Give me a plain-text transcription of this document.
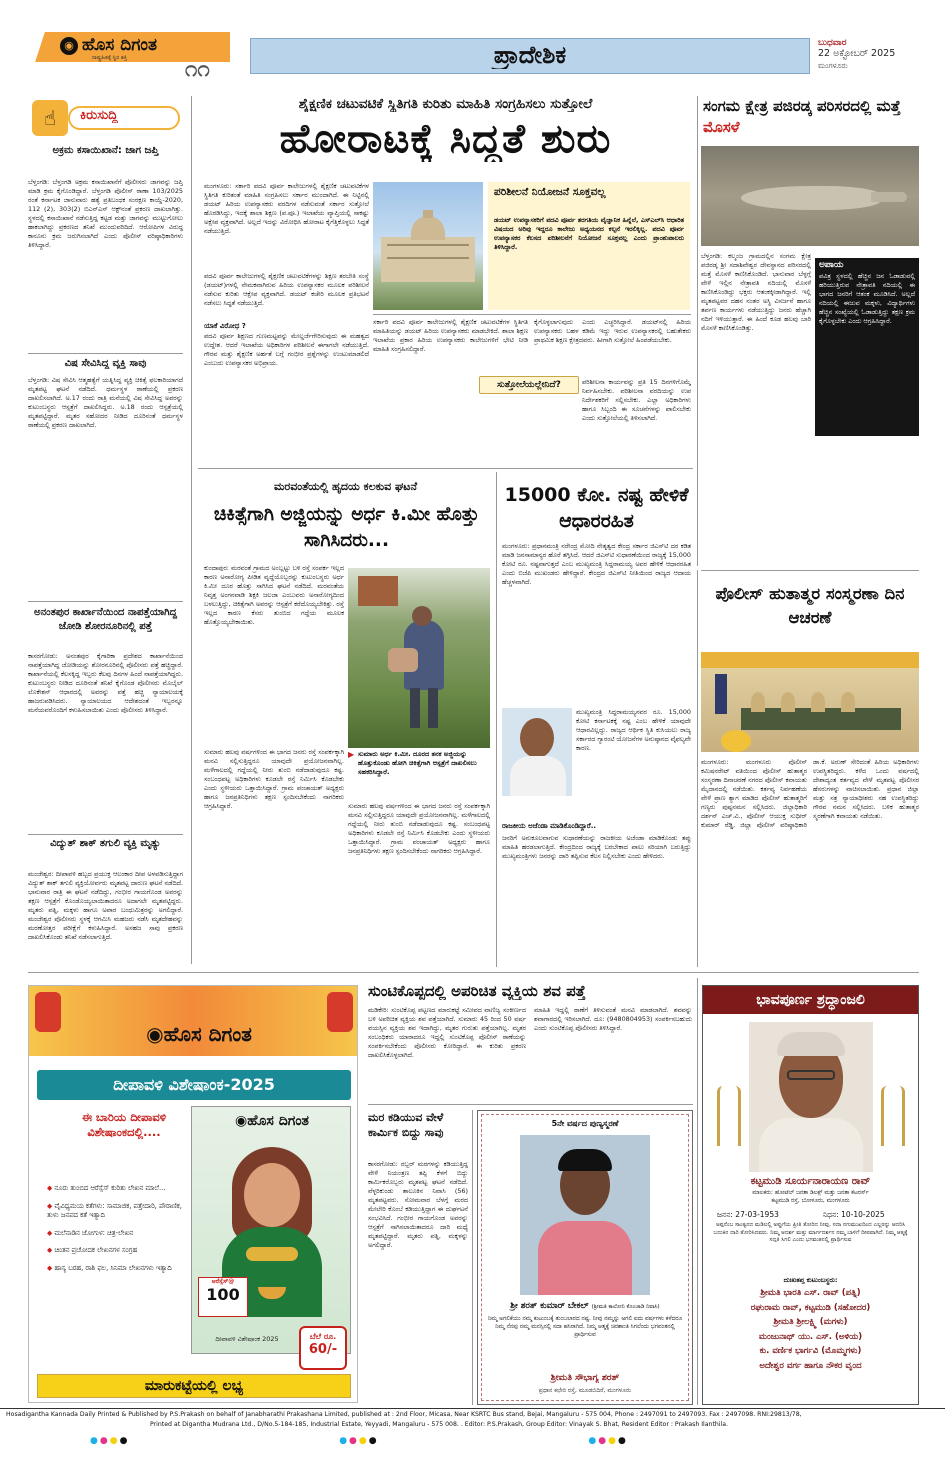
◉ ಹೊಸ ದಿಗಂತ
ರಾಷ್ಟ್ರಹಿತಕ್ಕೆ ಸ್ಥಿರ ಶಕ್ತಿ	೧೧
ಪ್ರಾದೇಶಿಕ	ಬುಧವಾರ
22 ಅಕ್ಟೋಬರ್ 2025
ಮಂಗಳೂರು
☝	ಕಿರುಸುದ್ದಿ
ಅಕ್ರಮ ಕಸಾಯಿಖಾನೆ: ಜಾಗ ಜಪ್ತಿ
ಬೆಳ್ತಂಗಡಿ: ಬೆಳ್ತಂಗಡಿ ಅಕ್ರಮ ಕಸಾಯಿಖಾನೆಗೆ ಪೊಲೀಸರು ಜಾಗವನ್ನು ಜಪ್ತಿ ಮಾಡಿ ಕ್ರಮ ಕೈಗೊಂಡಿದ್ದಾರೆ. ಬೆಳ್ತಂಗಡಿ ಪೊಲೀಸ್ ಠಾಣಾ 103/2025 ರಂತೆ ಕರ್ನಾಟಕ ಜಾನುವಾರು ಹತ್ಯೆ ಪ್ರತಿಬಂಧಕ ಸಂರಕ್ಷಣ ಕಾಯ್ದೆ-2020, 112 (2), 303(2) ಬಿಎನ್‌ಎಸ್ ಆಕ್ಟ್‌ನಂತೆ ಪ್ರಕರಣ ದಾಖಲಾಗಿತ್ತು. ಸ್ಥಳದಲ್ಲಿ ಕಸಾಯಿಖಾನೆ ನಡೆಸುತ್ತಿದ್ದ ಕಟ್ಟಡ ಮತ್ತು ಜಾಗವನ್ನು ಮುಟ್ಟುಗೋಲು ಹಾಕಲಾಗಿದ್ದು ಪ್ರಕರಣದ ತನಿಖೆ ಮುಂದುವರಿದಿದೆ. ಆರೋಪಿಗಳ ವಿರುದ್ಧ ಕಾನೂನು ಕ್ರಮ ಜರುಗಿಸಲಾಗಿದೆ ಎಂದು ಪೊಲೀಸ್ ವರಿಷ್ಠಾಧಿಕಾರಿಗಳು ತಿಳಿಸಿದ್ದಾರೆ.
ವಿಷ ಸೇವಿಸಿದ್ದ ವ್ಯಕ್ತಿ ಸಾವು
ಬೆಳ್ತಂಗಡಿ: ವಿಷ ಸೇವಿಸಿ ಆತ್ಮಹತ್ಯೆಗೆ ಯತ್ನಿಸಿದ್ದ ವ್ಯಕ್ತಿ ಚಿಕಿತ್ಸೆ ಫಲಕಾರಿಯಾಗದೆ ಮೃತಪಟ್ಟ ಘಟನೆ ನಡೆದಿದೆ. ಧರ್ಮಸ್ಥಳ ಠಾಣೆಯಲ್ಲಿ ಪ್ರಕರಣ ದಾಖಲಿಸಲಾಗಿದೆ. ಅ.17 ರಂದು ರಾತ್ರಿ ಮನೆಯಲ್ಲಿ ವಿಷ ಸೇವಿಸಿದ್ದ ಅವರನ್ನು ಕುಟುಂಬಸ್ಥರು ಆಸ್ಪತ್ರೆಗೆ ದಾಖಲಿಸಿದ್ದರು. ಅ.18 ರಂದು ಆಸ್ಪತ್ರೆಯಲ್ಲಿ ಮೃತಪಟ್ಟಿದ್ದಾರೆ. ಮೃತರ ಸಹೋದರ ನೀಡಿದ ದೂರಿನಂತೆ ಧರ್ಮಸ್ಥಳ ಠಾಣೆಯಲ್ಲಿ ಪ್ರಕರಣ ದಾಖಲಾಗಿದೆ.
ಅನಂತಪುರ ಕಾರ್ಖಾನೆಯಿಂದ ನಾಪತ್ತೆಯಾಗಿದ್ದ ಜೋಡಿ ಶೋರನೂರಿನಲ್ಲಿ ಪತ್ತೆ
ಕಾಸರಗೋಡು: ಅನಂತಪುರ ಕೈಗಾರಿಕಾ ಪ್ರದೇಶದ ಕಾರ್ಖಾನೆಯಿಂದ ನಾಪತ್ತೆಯಾಗಿದ್ದ ಜೋಡಿಯನ್ನು ಶೋರನೂರಿನಲ್ಲಿ ಪೊಲೀಸರು ಪತ್ತೆ ಹಚ್ಚಿದ್ದಾರೆ. ಕಾರ್ಖಾನೆಯಲ್ಲಿ ಕೆಲಸಕ್ಕಿದ್ದ ಇಬ್ಬರು ಕೆಲವು ದಿನಗಳ ಹಿಂದೆ ನಾಪತ್ತೆಯಾಗಿದ್ದರು. ಕುಟುಂಬಸ್ಥರು ನೀಡಿದ ದೂರಿನಂತೆ ತನಿಖೆ ಕೈಗೊಂಡ ಪೊಲೀಸರು ಮೊಬೈಲ್ ಲೊಕೇಶನ್ ಆಧಾರದಲ್ಲಿ ಅವರನ್ನು ಪತ್ತೆ ಹಚ್ಚಿ ನ್ಯಾಯಾಲಯಕ್ಕೆ ಹಾಜರುಪಡಿಸಿದರು. ನ್ಯಾಯಾಲಯದ ಆದೇಶದಂತೆ ಇಬ್ಬರನ್ನೂ ಮನೆಯವರೊಂದಿಗೆ ಕಳುಹಿಸಲಾಯಿತು ಎಂದು ಪೊಲೀಸರು ತಿಳಿಸಿದ್ದಾರೆ.
ವಿದ್ಯುತ್ ಶಾಕ್ ತಗುಲಿ ವ್ಯಕ್ತಿ ಮೃತ್ಯು
ಮಂಜೇಶ್ವರ: ದೀಪಾವಳಿ ಹಬ್ಬದ ಪ್ರಯುಕ್ತ ಆಲಂಕಾರ ದೀಪ ಅಳವಡಿಸುತ್ತಿದ್ದಾಗ ವಿದ್ಯುತ್ ಶಾಕ್ ತಗುಲಿ ವ್ಯಕ್ತಿಯೋರ್ವರು ಮೃತಪಟ್ಟ ದಾರುಣ ಘಟನೆ ನಡೆದಿದೆ. ಭಾನುವಾರ ರಾತ್ರಿ ಈ ಘಟನೆ ನಡೆದಿದ್ದು, ಗಂಭೀರ ಗಾಯಗೊಂಡ ಅವರನ್ನು ತಕ್ಷಣ ಆಸ್ಪತ್ರೆಗೆ ಕೊಂಡೊಯ್ಯಲಾಯಿತಾದರೂ ಅದಾಗಲೇ ಮೃತಪಟ್ಟಿದ್ದರು. ಮೃತರು ಪತ್ನಿ, ಮಕ್ಕಳು ಹಾಗೂ ಅಪಾರ ಬಂಧುಮಿತ್ರರನ್ನು ಅಗಲಿದ್ದಾರೆ. ಮಂಜೇಶ್ವರ ಪೊಲೀಸರು ಸ್ಥಳಕ್ಕೆ ಆಗಮಿಸಿ ಮಹಜರು ನಡೆಸಿ ಮೃತದೇಹವನ್ನು ಮರಣೋತ್ತರ ಪರೀಕ್ಷೆಗೆ ಕಳುಹಿಸಿದ್ದಾರೆ. ಅಸಹಜ ಸಾವು ಪ್ರಕರಣ ದಾಖಲಿಸಿಕೊಂಡು ತನಿಖೆ ನಡೆಸಲಾಗುತ್ತಿದೆ.
ಶೈಕ್ಷಣಿಕ ಚಟುವಟಿಕೆ ಸ್ಥಿತಿಗತಿ ಕುರಿತು ಮಾಹಿತಿ ಸಂಗ್ರಹಿಸಲು ಸುತ್ತೋಲೆ
ಹೋರಾಟಕ್ಕೆ ಸಿದ್ಧತೆ ಶುರು
ಮಂಗಳೂರು: ಸರ್ಕಾರಿ ಪದವಿ ಪೂರ್ವ ಕಾಲೇಜುಗಳಲ್ಲಿ ಶೈಕ್ಷಣಿಕ ಚಟುವಟಿಕೆಗಳ ಸ್ಥಿತಿಗತಿ ಕುರಿತಂತೆ ಮಾಹಿತಿ ಸಂಗ್ರಹಿಸಲು ಸರ್ಕಾರ ಮುಂದಾಗಿದೆ. ಈ ನಿಟ್ಟಿನಲ್ಲಿ ಡಯಟ್ ಹಿರಿಯ ಉಪನ್ಯಾಸಕರು ವರದಿಗಳ ನಡೆಸುವಂತೆ ಸರ್ಕಾರ ಸುತ್ತೋಲೆ ಹೊರಡಿಸಿದ್ದು, ಇದಕ್ಕೆ ಶಾಲಾ ಶಿಕ್ಷಣ (ಪ.ಪೂ.) ಇಲಾಖೆಯ ವ್ಯಾಪ್ತಿಯಲ್ಲಿ ಸಾಕಷ್ಟು ಅಕ್ಷೇಪ ವ್ಯಕ್ತವಾಗಿದೆ. ಅಲ್ಲದೆ ಇದನ್ನು ವಿರೋಧಿಸಿ ಹೋರಾಟ ಕೈಗೆತ್ತಿಕೊಳ್ಳಲು ಸಿದ್ಧತೆ ನಡೆಯುತ್ತಿದೆ.
ಪದವಿ ಪೂರ್ವ ಕಾಲೇಜುಗಳಲ್ಲಿ ಶೈಕ್ಷಣಿಕ ಚಟುವಟಿಕೆಗಳನ್ನು ಶಿಕ್ಷಣ ತರಬೇತಿ ಸಂಸ್ಥೆ (ಡಯಟ್)ಗಳಲ್ಲಿ ನೇಮಕವಾಗಿರುವ ಹಿರಿಯ ಉಪನ್ಯಾಸಕರ ಮೂಲಕ ಪರಿಶೀಲನೆ ನಡೆಸುವ ಕುರಿತು ಆಕ್ಷೇಪ ವ್ಯಕ್ತವಾಗಿದೆ. ಡಯಟ್ ಕಚೇರಿ ಮೂಲಕ ಪ್ರತಿಭಟನೆ ನಡೆಸಲು ಸಿದ್ಧತೆ ನಡೆಯುತ್ತಿದೆ.
ಯಾಕೆ ವಿರೋಧ ?
ಪದವಿ ಪೂರ್ವ ಶಿಕ್ಷಣದ ಗುಣಮಟ್ಟವನ್ನು ಮೇಲ್ದರ್ಜೆಗೇರಿಸುವುದು ಈ ಮಹತ್ವದ ಉದ್ದೇಶ. ಆದರೆ ಇಲಾಖೆಯ ಅಧಿಕಾರಿಗಳ ಪರಿಶೀಲನೆ ಈಗಾಗಲೇ ನಡೆಯುತ್ತಿದೆ. ಗೌರವ ಮತ್ತು ಶೈಕ್ಷಣಿಕ ಅರ್ಹತೆ ಬಗ್ಗೆ ಗಂಭೀರ ಪ್ರಶ್ನೆಗಳನ್ನು ಉಂಟುಮಾಡಲಿದೆ ಎಂಬುದು ಉಪನ್ಯಾಸಕರ ಅಭಿಪ್ರಾಯ.
ಪರಿಶೀಲನೆ ನಿಯೋಜನೆ ಸೂಕ್ತವಲ್ಲ
ಡಯಟ್ ಉಪನ್ಯಾಸಕರಿಗೆ ಪದವಿ ಪೂರ್ವ ತರಗತಿಯ ವೈಜ್ಞಾನಿಕ ಹಿನ್ನೆಲೆ, ಎಸ್‌ಎಲ್‌ಸಿ ಆಧಾರಿತ ವಿಷಯದ ಅರಿವು ಇದ್ದರೂ ಕಾಲೇಜು ಅಧ್ಯಯನದ ಕಲ್ಪನೆ ಇರಲಿಕ್ಕಿಲ್ಲ. ಪದವಿ ಪೂರ್ವ ಉಪನ್ಯಾಸಕರ ಕೆಲಸದ ಪರಿಶೀಲನೆಗೆ ನಿಯೋಜನೆ ಸೂಕ್ತವಲ್ಲ ಎಂದು ಪ್ರಾಂಶುಪಾಲರು ತಿಳಿಸಿದ್ದಾರೆ.
ಸರ್ಕಾರಿ ಪದವಿ ಪೂರ್ವ ಕಾಲೇಜುಗಳಲ್ಲಿ ಶೈಕ್ಷಣಿಕ ಚಟುವಟಿಕೆಗಳ ಸ್ಥಿತಿಗತಿ ಮಾಹಿತಿಯನ್ನು ಡಯಟ್ ಹಿರಿಯ ಉಪನ್ಯಾಸಕರು ಮಾಡಬೇಕಿದೆ. ಶಾಲಾ ಶಿಕ್ಷಣ ಇಲಾಖೆಯ ಪ್ರಕಾರ ಹಿರಿಯ ಉಪನ್ಯಾಸಕರು ಕಾಲೇಜುಗಳಿಗೆ ಭೇಟಿ ನೀಡಿ ಮಾಹಿತಿ ಸಂಗ್ರಹಿಸಲಿದ್ದಾರೆ.
ಕೈಗೊಳ್ಳಲಾಗುವುದು ಎಂದು ಎಚ್ಚರಿಸಿದ್ದಾರೆ. ಡಯಟ್‌ನಲ್ಲಿ ಹಿರಿಯ ಉಪನ್ಯಾಸಕರು ಬಹಳ ಕಡಿಮೆ ಇದ್ದು ಇರುವ ಉಪನ್ಯಾಸಕರಲ್ಲಿ ಬಹುತೇಕರು ಪ್ರಾಥಮಿಕ ಶಿಕ್ಷಣ ಕ್ಷೇತ್ರದವರು. ಹೀಗಾಗಿ ಸುತ್ತೋಲೆ ಹಿಂಪಡೆಯಬೇಕು.
ಸುತ್ತೋಲೆಯಲ್ಲೇನಿದೆ?	ಪರಿಶೀಲನಾ ಕಾರ್ಯವನ್ನು ಪ್ರತಿ 15 ದಿನಗಳಿಗೊಮ್ಮೆ ನಿರ್ವಹಿಸಬೇಕು. ಪರಿಶೀಲನಾ ವರದಿಯನ್ನು ಉಪ ನಿರ್ದೇಶಕರಿಗೆ ಸಲ್ಲಿಸಬೇಕು. ಎಲ್ಲಾ ಅಧಿಕಾರಿಗಳು ಹಾಗೂ ಸಿಬ್ಬಂದಿ ಈ ಸೂಚನೆಗಳನ್ನು ಪಾಲಿಸಬೇಕು ಎಂದು ಸುತ್ತೋಲೆಯಲ್ಲಿ ತಿಳಿಸಲಾಗಿದೆ.
ಸಂಗಮ ಕ್ಷೇತ್ರ ಪಜಿರಡ್ಕ ಪರಿಸರದಲ್ಲಿ ಮತ್ತೆ ಮೊಸಳೆ
ಬೆಳ್ತಂಗಡಿ: ಕಲ್ಮಂಜ ಗ್ರಾಮದಲ್ಲಿನ ಸಂಗಮ ಕ್ಷೇತ್ರ ಪಜಿರಡ್ಕ ಶ್ರೀ ಸದಾಶಿವೇಶ್ವರ ದೇವಸ್ಥಾನದ ಪರಿಸರದಲ್ಲಿ ಮತ್ತೆ ಮೊಸಳೆ ಕಾಣಿಸಿಕೊಂಡಿದೆ. ಭಾನುವಾರ ಬೆಳ್ಳಗ್ಗೆ ವೇಳೆ ಇಲ್ಲಿನ ನೇತ್ರಾವತಿ ನದಿಯಲ್ಲಿ ಮೊಸಳೆ ಕಾಣಿಸಿಕೊಂಡಿದ್ದು ಭಕ್ತರು ಆತಂಕಕ್ಕೀಡಾಗಿದ್ದಾರೆ. ಇಲ್ಲಿ ಮೃತಪಟ್ಟವರ ದಹನ ನಂತರ ಅಸ್ಥಿ ವಿಸರ್ಜನೆ ಹಾಗೂ ತರ್ಪಣ ಕಾರ್ಯಗಳು ನಡೆಯುತ್ತಿದ್ದು ಜನರು ಹೆಚ್ಚಾಗಿ ನದಿಗೆ ಇಳಿಯುತ್ತಾರೆ. ಈ ಹಿಂದೆ ಕೂಡ ಹಲವು ಬಾರಿ ಮೊಸಳೆ ಕಾಣಿಸಿಕೊಂಡಿತ್ತು.
ಅಪಾಯ
ಪವಿತ್ರ ಸ್ಥಳದಲ್ಲಿ ಹೆಚ್ಚಿನ ಜನ ಓಡಾಡುವಲ್ಲಿ ಹರಿಯುತ್ತಿರುವ ನೇತ್ರಾವತಿ ನದಿಯಲ್ಲಿ ಈ ಭಾಗದ ಜನರಿಗೆ ಆತಂಕ ಮೂಡಿಸಿದೆ. ಅಲ್ಲದೆ ನದಿಯಲ್ಲಿ ಈಜುವ ಮಕ್ಕಳು, ವಿದ್ಯಾರ್ಥಿಗಳು ಹೆಚ್ಚಿನ ಸಂಖ್ಯೆಯಲ್ಲಿ ಓಡಾಡುತ್ತಿದ್ದು ತಕ್ಷಣ ಕ್ರಮ ಕೈಗೊಳ್ಳಬೇಕು ಎಂದು ಆಗ್ರಹಿಸಿದ್ದಾರೆ.
ಮರವಂತೆಯಲ್ಲಿ ಹೃದಯ ಕಲಕುವ ಘಟನೆ
ಚಿಕಿತ್ಸೆಗಾಗಿ ಅಜ್ಜಿಯನ್ನು ಅರ್ಧ ಕಿ.ಮೀ ಹೊತ್ತು ಸಾಗಿಸಿದರು...
ಕುಂದಾಪುರ: ಮರವಂತೆ ಗ್ರಾಮದ ಅಂಬ್ಲಟ್ಟು ಬಳಿ ರಸ್ತೆ ಸಂಪರ್ಕ ಇಲ್ಲದ ಕಾರಣ ಅನಾರೋಗ್ಯ ಪೀಡಿತ ವೃದ್ಧೆಯೊಬ್ಬರನ್ನು ಕುಟುಂಬಸ್ಥರು ಅರ್ಧ ಕಿ.ಮೀ ದೂರ ಹೊತ್ತು ಸಾಗಿಸಿದ ಘಟನೆ ನಡೆದಿದೆ. ಮರವಂತೆಯ ನಿವೃತ್ತ ಅಂಗನವಾಡಿ ಶಿಕ್ಷಕಿ ಜಲಜಾ ಎಂಬುವರು ಅನಾರೋಗ್ಯದಿಂದ ಬಳಲುತ್ತಿದ್ದು, ಚಿಕಿತ್ಸೆಗಾಗಿ ಅವರನ್ನು ಆಸ್ಪತ್ರೆಗೆ ಕರೆದೊಯ್ಯಬೇಕಿತ್ತು. ರಸ್ತೆ ಇಲ್ಲದ ಕಾರಣ ಕೆಸರು ತುಂಬಿದ ಗದ್ದೆಯ ಮೂಲಕ ಹೊತ್ತೊಯ್ಯಬೇಕಾಯಿತು.
▶ ಸುಮಾರು ಅರ್ಧ ಕಿ.ಮೀ. ದೂರದ ತನಕ ಅಜ್ಜಿಯನ್ನು ಹೊತ್ತುಕೊಂಡು ಹೋಗಿ ಚಿಕಿತ್ಸೆಗಾಗಿ ಆಸ್ಪತ್ರೆಗೆ ದಾಖಲಿಸಲು ಸಹಕರಿಸಿದ್ದಾರೆ.
ಸುಮಾರು ಹಲವು ವರ್ಷಗಳಿಂದ ಈ ಭಾಗದ ಜನರು ರಸ್ತೆ ಸಂಪರ್ಕಕ್ಕಾಗಿ ಮನವಿ ಸಲ್ಲಿಸುತ್ತಿದ್ದರೂ ಯಾವುದೇ ಪ್ರಯೋಜನವಾಗಿಲ್ಲ. ಮಳೆಗಾಲದಲ್ಲಿ ಗದ್ದೆಯಲ್ಲಿ ನೀರು ತುಂಬಿ ನಡೆದಾಡುವುದೂ ಕಷ್ಟ. ಸಂಬಂಧಪಟ್ಟ ಅಧಿಕಾರಿಗಳು ಕೂಡಲೇ ರಸ್ತೆ ನಿರ್ಮಿಸಿ ಕೊಡಬೇಕು ಎಂದು ಸ್ಥಳೀಯರು ಒತ್ತಾಯಿಸಿದ್ದಾರೆ. ಗ್ರಾಮ ಪಂಚಾಯತ್ ಅಧ್ಯಕ್ಷರು ಹಾಗೂ ಜನಪ್ರತಿನಿಧಿಗಳು ತಕ್ಷಣ ಸ್ಪಂದಿಸಬೇಕೆಂದು ನಾಗರಿಕರು ಆಗ್ರಹಿಸಿದ್ದಾರೆ.	ಸುಮಾರು ಹಲವು ವರ್ಷಗಳಿಂದ ಈ ಭಾಗದ ಜನರು ರಸ್ತೆ ಸಂಪರ್ಕಕ್ಕಾಗಿ ಮನವಿ ಸಲ್ಲಿಸುತ್ತಿದ್ದರೂ ಯಾವುದೇ ಪ್ರಯೋಜನವಾಗಿಲ್ಲ. ಮಳೆಗಾಲದಲ್ಲಿ ಗದ್ದೆಯಲ್ಲಿ ನೀರು ತುಂಬಿ ನಡೆದಾಡುವುದೂ ಕಷ್ಟ. ಸಂಬಂಧಪಟ್ಟ ಅಧಿಕಾರಿಗಳು ಕೂಡಲೇ ರಸ್ತೆ ನಿರ್ಮಿಸಿ ಕೊಡಬೇಕು ಎಂದು ಸ್ಥಳೀಯರು ಒತ್ತಾಯಿಸಿದ್ದಾರೆ. ಗ್ರಾಮ ಪಂಚಾಯತ್ ಅಧ್ಯಕ್ಷರು ಹಾಗೂ ಜನಪ್ರತಿನಿಧಿಗಳು ತಕ್ಷಣ ಸ್ಪಂದಿಸಬೇಕೆಂದು ನಾಗರಿಕರು ಆಗ್ರಹಿಸಿದ್ದಾರೆ.
15000 ಕೋ. ನಷ್ಟ ಹೇಳಿಕೆ ಆಧಾರರಹಿತ
ಮಂಗಳೂರು: ಪ್ರಧಾನಮಂತ್ರಿ ನರೇಂದ್ರ ಮೋದಿ ನೇತೃತ್ವದ ಕೇಂದ್ರ ಸರ್ಕಾರ ಜಿಎಸ್‌ಟಿ ದರ ಕಡಿತ ಮಾಡಿ ಜನಸಾಮಾನ್ಯರ ಹೊರೆ ತಗ್ಗಿಸಿದೆ. ಆದರೆ ಜಿಎಸ್‌ಟಿ ಸುಧಾರಣೆಯಿಂದ ರಾಜ್ಯಕ್ಕೆ 15,000 ಕೋಟಿ ರೂ. ನಷ್ಟವಾಗುತ್ತದೆ ಎಂಬ ಮುಖ್ಯಮಂತ್ರಿ ಸಿದ್ದರಾಮಯ್ಯ ಅವರ ಹೇಳಿಕೆ ಆಧಾರರಹಿತ ಎಂದು ಬಿಜೆಪಿ ಮುಖಂಡರು ಹೇಳಿದ್ದಾರೆ. ಕೇಂದ್ರದ ಜಿಎಸ್‌ಟಿ ನೀತಿಯಿಂದ ರಾಜ್ಯದ ಆದಾಯ ಹೆಚ್ಚಳವಾಗಿದೆ.
ಮುಖ್ಯಮಂತ್ರಿ ಸಿದ್ದರಾಮಯ್ಯನವರ ರೂ. 15,000 ಕೋಟಿ ಕರ್ನಾಟಕಕ್ಕೆ ನಷ್ಟ ಎಂಬ ಹೇಳಿಕೆ ಯಾವುದೇ ಆಧಾರವಿಲ್ಲದ್ದು. ರಾಜ್ಯದ ಆರ್ಥಿಕ ಸ್ಥಿತಿ ಕುಸಿಯಲು ರಾಜ್ಯ ಸರ್ಕಾರದ ಗ್ಯಾರಂಟಿ ಯೋಜನೆಗಳ ಅನುಷ್ಠಾನದ ವೈಫಲ್ಯವೇ ಕಾರಣ.
ರಾಜಕೀಯ ಅಜೆಂಡಾ ಮಾಡಿಕೊಂಡಿದ್ದಾರೆ..
ಜನರಿಗೆ ಅನುಕೂಲವಾಗುವ ಸುಧಾರಣೆಯನ್ನು ರಾಜಕೀಯ ಅಜೆಂಡಾ ಮಾಡಿಕೊಂಡು ತಪ್ಪು ಮಾಹಿತಿ ಹರಡಲಾಗುತ್ತಿದೆ. ಕೇಂದ್ರದಿಂದ ರಾಜ್ಯಕ್ಕೆ ಬರಬೇಕಾದ ಪಾಲು ಸರಿಯಾಗಿ ಬರುತ್ತಿದ್ದು ಮುಖ್ಯಮಂತ್ರಿಗಳು ಜನರನ್ನು ದಾರಿ ತಪ್ಪಿಸುವ ಕೆಲಸ ನಿಲ್ಲಿಸಬೇಕು ಎಂದು ಹೇಳಿದರು.
ಪೊಲೀಸ್ ಹುತಾತ್ಮರ ಸಂಸ್ಮರಣಾ ದಿನ ಆಚರಣೆ
ಮಂಗಳೂರು: ಮಂಗಳೂರು ಪೊಲೀಸ್ ಕಮಿಷನರೇಟ್ ವತಿಯಿಂದ ಪೊಲೀಸ್ ಹುತಾತ್ಮರ ಸಂಸ್ಮರಣಾ ದಿನಾಚರಣೆ ನಗರದ ಪೊಲೀಸ್ ಕವಾಯತು ಮೈದಾನದಲ್ಲಿ ನಡೆಯಿತು. ಕರ್ತವ್ಯ ನಿರ್ವಹಣೆಯ ವೇಳೆ ಪ್ರಾಣ ತ್ಯಾಗ ಮಾಡಿದ ಪೊಲೀಸ್ ಹುತಾತ್ಮರಿಗೆ ಗಣ್ಯರು ಪುಷ್ಪನಮನ ಸಲ್ಲಿಸಿದರು. ಜಿಲ್ಲಾಧಿಕಾರಿ ದರ್ಶನ್ ಎಚ್.ವಿ., ಪೊಲೀಸ್ ಆಯುಕ್ತ ಸುಧೀರ್ ಕುಮಾರ್ ರೆಡ್ಡಿ, ಜಿಲ್ಲಾ ಪೊಲೀಸ್ ವರಿಷ್ಠಾಧಿಕಾರಿ ಡಾ.ಕೆ. ಅರುಣ್ ಸೇರಿದಂತೆ ಹಿರಿಯ ಅಧಿಕಾರಿಗಳು ಉಪಸ್ಥಿತರಿದ್ದರು. ಕಳೆದ ಒಂದು ವರ್ಷದಲ್ಲಿ ದೇಶಾದ್ಯಂತ ಕರ್ತವ್ಯದ ವೇಳೆ ಮೃತಪಟ್ಟ ಪೊಲೀಸರ ಹೆಸರುಗಳನ್ನು ವಾಚಿಸಲಾಯಿತು. ಪ್ರಧಾನ ಜಿಲ್ಲಾ ಮತ್ತು ಸತ್ರ ನ್ಯಾಯಾಧೀಶರು ಸಹ ಉಪಸ್ಥಿತರಿದ್ದು ಗೌರವ ನಮನ ಸಲ್ಲಿಸಿದರು. ಬಳಿಕ ಹುತಾತ್ಮರ ಸ್ಮರಣೆಗಾಗಿ ಕವಾಯತು ನಡೆಯಿತು.
◉ಹೊಸ ದಿಗಂತ
ದೀಪಾವಳಿ ವಿಶೇಷಾಂಕ-2025
ಈ ಬಾರಿಯ ದೀಪಾವಳಿ ವಿಶೇಷಾಂಕದಲ್ಲಿ....
◆ ನೂರು ತುಂಬಿದ ಆರೆಸ್ಸೆಸ್ ಕುರಿತು ಲೇಖನ ಮಾಲೆ...
◆ ವೈವಿಧ್ಯಮಯ ಕತೆಗಳು: ಸಾಮಾಜಿಕ, ಪತ್ತೇದಾರಿ, ಪೌರಾಣಿಕ, ತುಳು ಜನಪದ ಕತೆ ಇತ್ಯಾದಿ
◆ ಮಲೆನಾಡಿನ ಜೋಗುಳ: ಚಿತ್ರ-ಲೇಖನ
◆ ಚಿಂತನ ಪ್ರಚೋದಕ ಲೇಖನಗಳ ಸಂಗ್ರಹ
◆ ಹಾಸ್ಯ ಬರಹ, ರಾಶಿ ಫಲ, ಸಿನಿಮಾ ಲೇಖನಗಳು ಇತ್ಯಾದಿ
◉ಹೊಸ ದಿಗಂತ
ಆರೆಸ್ಸೆಸ್@
100
ದೀಪಾವಳಿ ವಿಶೇಷಾಂಕ 2025	ಬೆಲೆ ರೂ.
60/-
ಮಾರುಕಟ್ಟೆಯಲ್ಲಿ ಲಭ್ಯ
ಸುಂಟಿಕೊಪ್ಪದಲ್ಲಿ ಅಪರಿಚಿತ ವ್ಯಕ್ತಿಯ ಶವ ಪತ್ತೆ
ಮಡಿಕೇರಿ: ಸುಂಟಿಕೊಪ್ಪ ಪಟ್ಟಣದ ಮಾರುಕಟ್ಟೆ ಸಮೀಪದ ವಾಣಿಜ್ಯ ಸಂಕೀರ್ಣದ ಬಳಿ ಅಪರಿಚಿತ ವ್ಯಕ್ತಿಯ ಶವ ಪತ್ತೆಯಾಗಿದೆ. ಸುಮಾರು 45 ರಿಂದ 50 ವರ್ಷ ವಯಸ್ಸಿನ ವ್ಯಕ್ತಿಯ ಶವ ಇದಾಗಿದ್ದು, ಮೃತರ ಗುರುತು ಪತ್ತೆಯಾಗಿಲ್ಲ. ಮೃತರ ಸಂಬಂಧಿಕರು ಯಾರಾದರೂ ಇದ್ದಲ್ಲಿ ಸುಂಟಿಕೊಪ್ಪ ಪೊಲೀಸ್ ಠಾಣೆಯನ್ನು ಸಂಪರ್ಕಿಸಬೇಕೆಂದು ಪೊಲೀಸರು ಕೋರಿದ್ದಾರೆ. ಈ ಕುರಿತು ಪ್ರಕರಣ ದಾಖಲಿಸಿಕೊಳ್ಳಲಾಗಿದೆ.
ಮಾಹಿತಿ ಇದ್ದಲ್ಲಿ ಠಾಣೆಗೆ ತಿಳಿಸುವಂತೆ ಮನವಿ ಮಾಡಲಾಗಿದೆ. ಶವವನ್ನು ಶವಾಗಾರದಲ್ಲಿ ಇರಿಸಲಾಗಿದೆ. ದೂ: (9480804953) ಸಂಪರ್ಕಿಸಬಹುದು ಎಂದು ಸುಂಟಿಕೊಪ್ಪ ಪೊಲೀಸರು ತಿಳಿಸಿದ್ದಾರೆ.
ಮರ ಕಡಿಯುವ ವೇಳೆ ಕಾರ್ಮಿಕ ಬಿದ್ದು ಸಾವು
ಕಾಸರಗೋಡು: ರಬ್ಬರ್ ಮರಗಳನ್ನು ಕಡಿಯುತ್ತಿದ್ದ ವೇಳೆ ನಿಯಂತ್ರಣ ತಪ್ಪಿ ಕೆಳಗೆ ಬಿದ್ದು ಕಾರ್ಮಿಕರೊಬ್ಬರು ಮೃತಪಟ್ಟ ಘಟನೆ ನಡೆದಿದೆ. ವೆಳ್ಳರಿಕುಂಡು ತಾಲೂಕಿನ ನಿವಾಸಿ (56) ಮೃತಪಟ್ಟವರು. ಸೋಮವಾರ ಬೆಳಗ್ಗೆ ಮರದ ಮೇಲೇರಿ ಕೊಂಬೆ ಕಡಿಯುತ್ತಿದ್ದಾಗ ಈ ದುರ್ಘಟನೆ ಸಂಭವಿಸಿದೆ. ಗಂಭೀರ ಗಾಯಗೊಂಡ ಅವರನ್ನು ಆಸ್ಪತ್ರೆಗೆ ಸಾಗಿಸಲಾಯಿತಾದರೂ ದಾರಿ ಮಧ್ಯೆ ಮೃತಪಟ್ಟಿದ್ದಾರೆ. ಮೃತರು ಪತ್ನಿ, ಮಕ್ಕಳನ್ನು ಅಗಲಿದ್ದಾರೆ.
5ನೇ ವರ್ಷದ ಪುಣ್ಯಸ್ಮರಣೆ
ಶ್ರೀ ಶರತ್ ಕುಮಾರ್ ಬೇಕಲ್ (ಶ್ರೀಮತಿ ಕಾಲೋನಿ ಕೊಂಚಾಡಿ ನಿವಾಸಿ)
ನಿಮ್ಮ ಅಗಲಿಕೆಯು ನಮ್ಮ ಕುಟುಂಬಕ್ಕೆ ತುಂಬಲಾರದ ನಷ್ಟ. ನೀವು ನಮ್ಮನ್ನು ಅಗಲಿ ಐದು ವರ್ಷಗಳು ಕಳೆದರೂ ನಿಮ್ಮ ನೆನಪು ನಮ್ಮ ಮನಸ್ಸಿನಲ್ಲಿ ಸದಾ ಹಸಿರಾಗಿದೆ. ನಿಮ್ಮ ಆತ್ಮಕ್ಕೆ ಚಿರಶಾಂತಿ ಸಿಗಲೆಂದು ಭಗವಂತನಲ್ಲಿ ಪ್ರಾರ್ಥಿಸುವ
ಶ್ರೀಮತಿ ಸೌಭಾಗ್ಯ ಶರತ್
ಪ್ರಧಾನ ಕಛೇರಿ ರಸ್ತೆ, ಮೂಡಬಿದಿರೆ, ಮಂಗಳೂರು
ಭಾವಪೂರ್ಣ ಶ್ರದ್ಧಾಂಜಲಿ
ಕಟ್ಟಮುಡಿ ಸೂರ್ಯನಾರಾಯಣ ರಾವ್
ಮಾಲಕರು: ಹೋಟೆಲ್ ಜನತಾ ಡಿಲಕ್ಸ್ ಮತ್ತು ಜನತಾ ಕೆಟರರ್ಸ್
ಕಟ್ಟಮುಡಿ ರಸ್ತೆ, ಬೋಳೂರು, ಮಂಗಳೂರು
ಜನನ: 27-03-1953	ನಿಧನ: 10-10-2025
ಅಪ್ಪನೆಂಬ ಸಾಂತ್ವನದ ಮಡಿಲಲ್ಲಿ ಅಪ್ಪುಗೆಯ ಪ್ರೀತಿ ತೋರಿದ ನೀವು, ಸದಾ ನಗುಮುಖದಿಂದ ಎಲ್ಲರನ್ನು ಆದರಿಸಿ ಬದುಕಿನ ದಾರಿ ತೋರಿಸಿದವರು. ನಿಮ್ಮ ಆದರ್ಶ ಮತ್ತು ಮಾರ್ಗದರ್ಶನ ನಮ್ಮ ಬಾಳಿಗೆ ದೀಪವಾಗಿದೆ. ನಿಮ್ಮ ಆತ್ಮಕ್ಕೆ ಸದ್ಗತಿ ಸಿಗಲಿ ಎಂದು ಭಗವಂತನಲ್ಲಿ ಪ್ರಾರ್ಥಿಸುವ
ದುಃಖತಪ್ತ ಕುಟುಂಬಸ್ಥರು:
ಶ್ರೀಮತಿ ಭಾರತಿ ಎಸ್. ರಾವ್ (ಪತ್ನಿ)
ರಘುರಾಮ ರಾವ್, ಕಟ್ಟಮುಡಿ (ಸಹೋದರ)
ಶ್ರೀಮತಿ ಶ್ರೀಲಕ್ಷ್ಮಿ (ಮಗಳು)
ಮಂಜುನಾಥ್ ಯು. ಎಸ್. (ಅಳಿಯ)
ಕು. ವರ್ಣಿಕ ಭಾರ್ಗವಿ (ಮೊಮ್ಮಗಳು)
ಅದೇಶ್ವರ ವರ್ಗ ಹಾಗೂ ನೌಕರ ವೃಂದ
Hosadigantha Kannada Daily Printed & Published by P.S.Prakash on behalf of Janabharathi Prakashana Limited, published at : 2nd Floor, Micasa, Near KSRTC Bus stand, Bejai, Mangaluru - 575 004, Phone : 2497091 to 2497093. Fax : 2497098. RNI:29813/78,
Printed at Digantha Mudrana Ltd., D/No.5-184-185, Industrial Estate, Yeyyadi, Mangaluru - 575 008. . Editor: P.S.Prakash, Group Editor: Vinayak S. Bhat, Resident Editor : Prakash Ilanthila.
●●●●	●●●●	●●●●
